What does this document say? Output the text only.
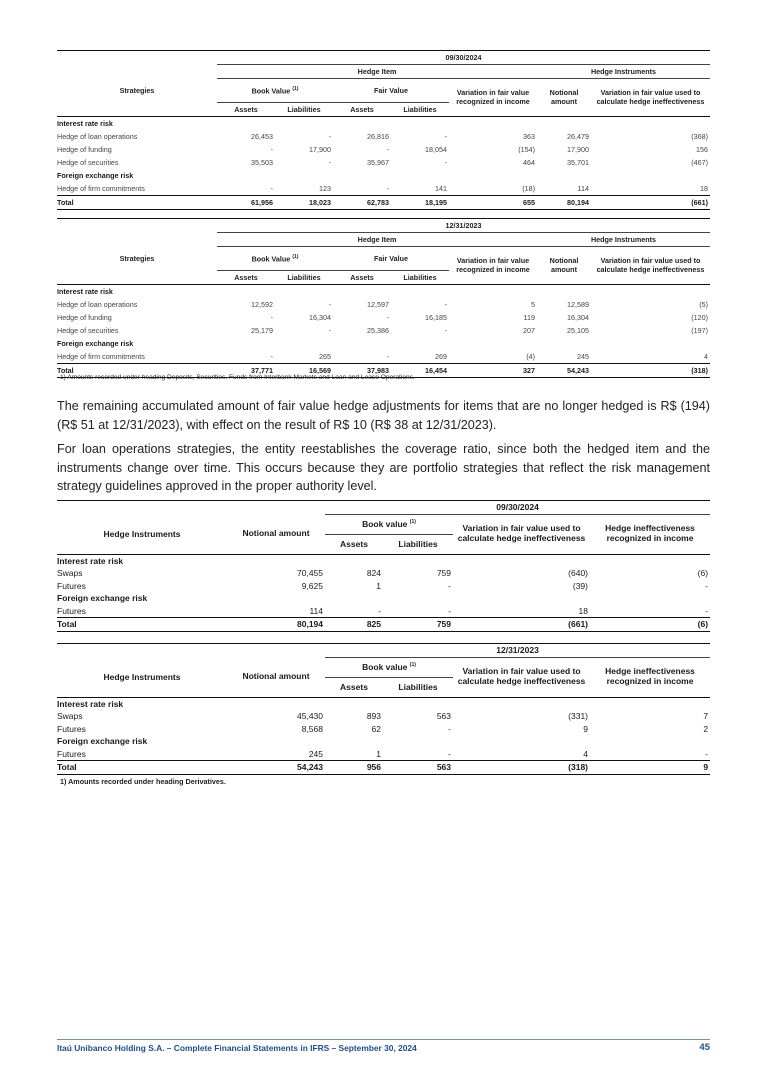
	09/30/2024						
Strategies	Hedge Item					Hedge Instruments	
	Book Value $^{(1)}$		Fair Value		Variation in fair value recognized in income	Notional amount	Variation in fair value used to calculate hedge ineffectiveness
	Assets	Liabilities	Assets	Liabilities			
Interest rate risk							
Hedge of loan operations	26,453	-	26,816	-	363	26,479	(368)
Hedge of funding	-	17,900	-	18,054	(154)	17,900	156
Hedge of securities	35,503	-	35,967	-	464	35,701	(467)
Foreign exchange risk							
Hedge of firm commitments	-	123	-	141	(18)	114	18
Total	61,956	18,023	62,783	18,195	655	80,194	(661)
	12/31/2023						
Strategies	Hedge Item					Hedge Instruments	
	Book Value $^{(1)}$		Fair Value		Variation in fair value recognized in income	Notional amount	Variation in fair value used to calculate hedge ineffectiveness
	Assets	Liabilities	Assets	Liabilities			
Interest rate risk							
Hedge of loan operations	12,592	-	12,597	-	5	12,589	(5)
Hedge of funding	-	16,304	-	16,185	119	16,304	(120)
Hedge of securities	25,179	-	25,386	-	207	25,105	(197)
Foreign exchange risk							
Hedge of firm commitments	-	265	-	269	(4)	245	4
Total	37,771	16,569	37,983	16,454	327	54,243	(318)
1) Amounts recorded under heading Deposits, Securities, Funds from Interbank Markets and Loan and Lease Operations.
The remaining accumulated amount of fair value hedge adjustments for items that are no longer hedged is R$ (194) (R$ 51 at 12/31/2023), with effect on the result of R$ 10 (R$ 38 at 12/31/2023).
For loan operations strategies, the entity reestablishes the coverage ratio, since both the hedged item and the instruments change over time. This occurs because they are portfolio strategies that reflect the risk management strategy guidelines approved in the proper authority level.
		09/30/2024			
Hedge Instruments	Notional amount	Book value $^{(1)}$		Variation in fair value used to calculate hedge ineffectiveness	Hedge ineffectiveness recognized in income
		Assets	Liabilities		
Interest rate risk					
Swaps	70,455	824	759	(640)	(6)
Futures	9,625	1	-	(39)	-
Foreign exchange risk					
Futures	114	-	-	18	-
Total	80,194	825	759	(661)	(6)
		12/31/2023			
Hedge Instruments	Notional amount	Book value $^{(1)}$		Variation in fair value used to calculate hedge ineffectiveness	Hedge ineffectiveness recognized in income
		Assets	Liabilities		
Interest rate risk					
Swaps	45,430	893	563	(331)	7
Futures	8,568	62	-	9	2
Foreign exchange risk					
Futures	245	1	-	4	-
Total	54,243	956	563	(318)	9
1) Amounts recorded under heading Derivatives.
Itaú Unibanco Holding S.A. – Complete Financial Statements in IFRS – September 30, 2024	45
